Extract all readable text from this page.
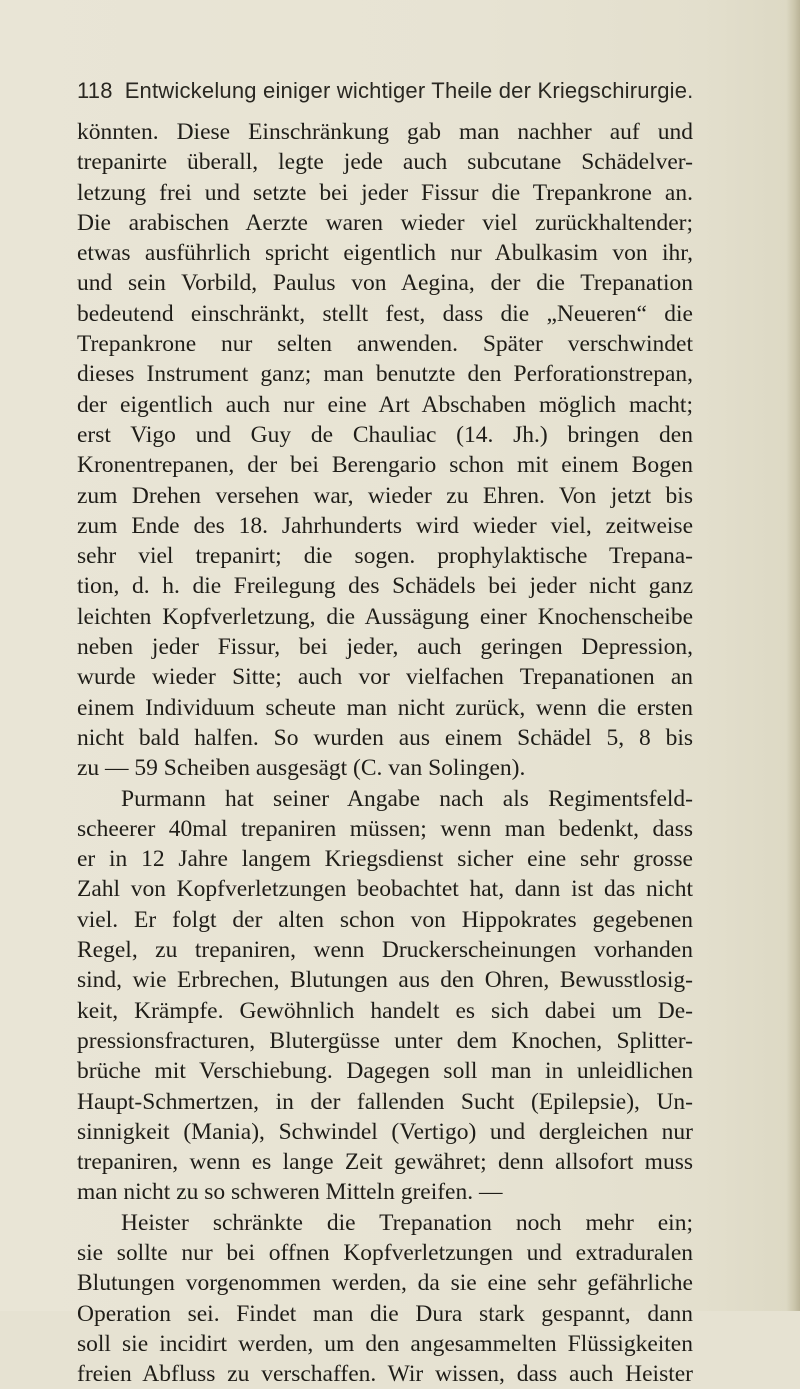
118 Entwickelung einiger wichtiger Theile der Kriegschirurgie.
könnten. Diese Einschränkung gab man nachher auf und
trepanirte überall, legte jede auch subcutane Schädelver-
letzung frei und setzte bei jeder Fissur die Trepankrone an.
Die arabischen Aerzte waren wieder viel zurückhaltender;
etwas ausführlich spricht eigentlich nur Abulkasim von ihr,
und sein Vorbild, Paulus von Aegina, der die Trepanation
bedeutend einschränkt, stellt fest, dass die „Neueren“ die
Trepankrone nur selten anwenden. Später verschwindet
dieses Instrument ganz; man benutzte den Perforationstrepan,
der eigentlich auch nur eine Art Abschaben möglich macht;
erst Vigo und Guy de Chauliac (14. Jh.) bringen den
Kronentrepanen, der bei Berengario schon mit einem Bogen
zum Drehen versehen war, wieder zu Ehren. Von jetzt bis
zum Ende des 18. Jahrhunderts wird wieder viel, zeitweise
sehr viel trepanirt; die sogen. prophylaktische Trepana-
tion, d. h. die Freilegung des Schädels bei jeder nicht ganz
leichten Kopfverletzung, die Aussägung einer Knochenscheibe
neben jeder Fissur, bei jeder, auch geringen Depression,
wurde wieder Sitte; auch vor vielfachen Trepanationen an
einem Individuum scheute man nicht zurück, wenn die ersten
nicht bald halfen. So wurden aus einem Schädel 5, 8 bis
zu — 59 Scheiben ausgesägt (C. van Solingen).
Purmann hat seiner Angabe nach als Regimentsfeld-
scheerer 40mal trepaniren müssen; wenn man bedenkt, dass
er in 12 Jahre langem Kriegsdienst sicher eine sehr grosse
Zahl von Kopfverletzungen beobachtet hat, dann ist das nicht
viel. Er folgt der alten schon von Hippokrates gegebenen
Regel, zu trepaniren, wenn Druckerscheinungen vorhanden
sind, wie Erbrechen, Blutungen aus den Ohren, Bewusstlosig-
keit, Krämpfe. Gewöhnlich handelt es sich dabei um De-
pressionsfracturen, Blutergüsse unter dem Knochen, Splitter-
brüche mit Verschiebung. Dagegen soll man in unleidlichen
Haupt-Schmertzen, in der fallenden Sucht (Epilepsie), Un-
sinnigkeit (Mania), Schwindel (Vertigo) und dergleichen nur
trepaniren, wenn es lange Zeit gewähret; denn allsofort muss
man nicht zu so schweren Mitteln greifen. —
Heister schränkte die Trepanation noch mehr ein;
sie sollte nur bei offnen Kopfverletzungen und extraduralen
Blutungen vorgenommen werden, da sie eine sehr gefährliche
Operation sei. Findet man die Dura stark gespannt, dann
soll sie incidirt werden, um den angesammelten Flüssigkeiten
freien Abfluss zu verschaffen. Wir wissen, dass auch Heister
